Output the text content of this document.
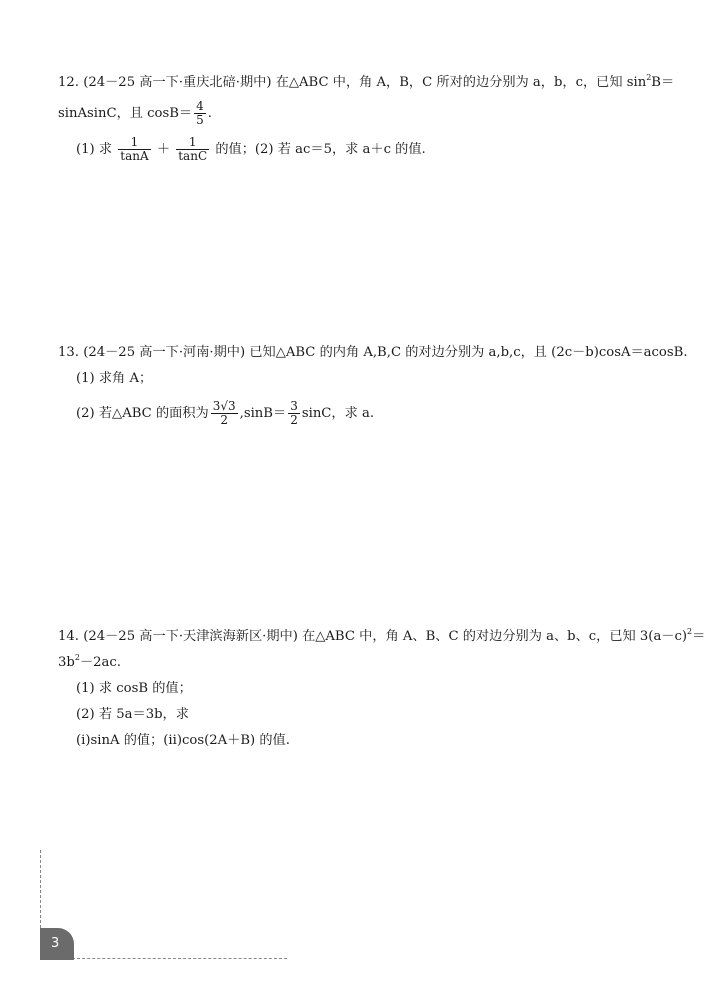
12. (24－25 高一下·重庆北碚·期中) 在△ABC 中，角 A，B，C 所对的边分别为 a，b，c，已知 $\sin^2B=$
sinAsinC，且 $\cos B= \frac{4}{5}$ .
(1) 求 $\frac{1}{\tan A} + \frac{1}{\tan C}$ 的值；(2) 若 ac＝5，求 a＋c 的值.
13. (24－25 高一下·河南·期中) 已知△ABC 的内角 A,B,C 的对边分别为 a,b,c，且 (2c－b)cosA＝acosB.
(1) 求角 A；
(2) 若△ABC 的面积为 $\frac{3√3}{2} ,\sin B= \frac{3}{2}$ sinC，求 a.
14. (24－25 高一下·天津滨海新区·期中) 在△ABC 中，角 A、B、C 的对边分别为 a、b、c，已知 $3(a-c)^2=$
$3b^2-2ac$.
(1) 求 cosB 的值；
(2) 若 5a＝3b，求
(i)sinA 的值；(ii)cos(2A＋B) 的值.
3
